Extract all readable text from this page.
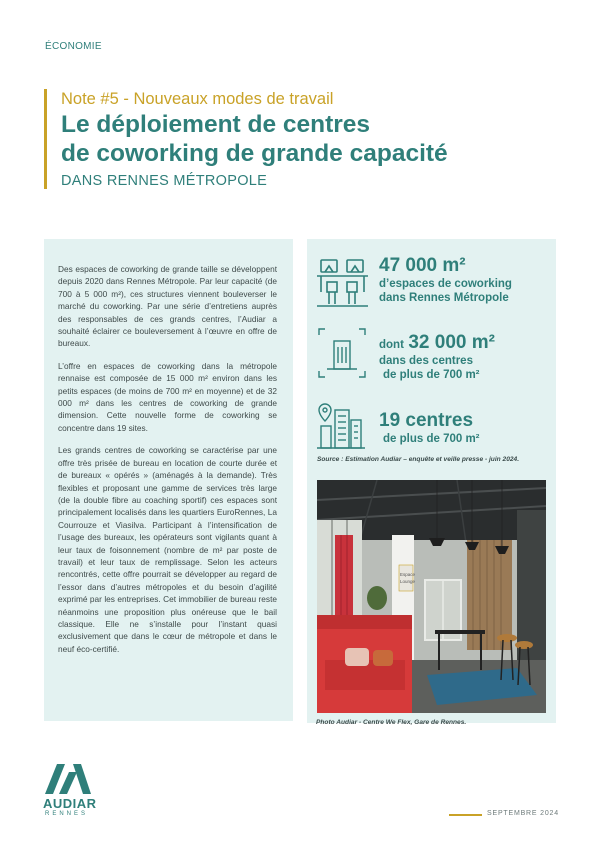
ÉCONOMIE
Note #5 - Nouveaux modes de travail
Le déploiement de centres
de coworking de grande capacité
DANS RENNES MÉTROPOLE

Des espaces de coworking de grande taille se développent depuis 2020 dans Rennes Métropole. Par leur capacité (de 700 à 5 000 m²), ces structures viennent bouleverser le marché du coworking. Par une série d’entretiens auprès des responsables de ces grands centres, l’Audiar a souhaité éclairer ce bouleversement à l’œuvre en offre de bureaux.

L’offre en espaces de coworking dans la métropole rennaise est composée de 15 000 m² environ dans les petits espaces (de moins de 700 m² en moyenne) et de 32 000 m² dans les centres de coworking de grande dimension. Cette nouvelle forme de coworking se concentre dans 19 sites.

Les grands centres de coworking se caractérise par une offre très prisée de bureau en location de courte durée et de bureaux « opérés » (aménagés à la demande). Très flexibles et proposant une gamme de services très large (de la double fibre au coaching sportif) ces espaces sont principalement localisés dans les quartiers EuroRennes, La Courrouze et Viasilva. Participant à l’intensification de l’usage des bureaux, les opérateurs sont vigilants quant à leur taux de foisonnement (nombre de m² par poste de travail) et leur taux de remplissage. Selon les acteurs rencontrés, cette offre pourrait se développer au regard de l’essor dans d’autres métropoles et du besoin d’agilité exprimé par les entreprises. Cet immobilier de bureau reste néanmoins une proposition plus onéreuse que le bail classique. Elle ne s’installe pour l’instant quasi exclusivement que dans le cœur de métropole et dans le neuf éco-certifié.

47 000 m²
d’espaces de coworking
dans Rennes Métropole
dont 32 000 m²
dans des centres
de plus de 700 m²
19 centres
de plus de 700 m²
Source : Estimation Audiar – enquête et veille presse - juin 2024.
Espace
Lounge
Photo Audiar - Centre We Flex, Gare de Rennes.
AUDIAR
RENNES	SEPTEMBRE 2024
